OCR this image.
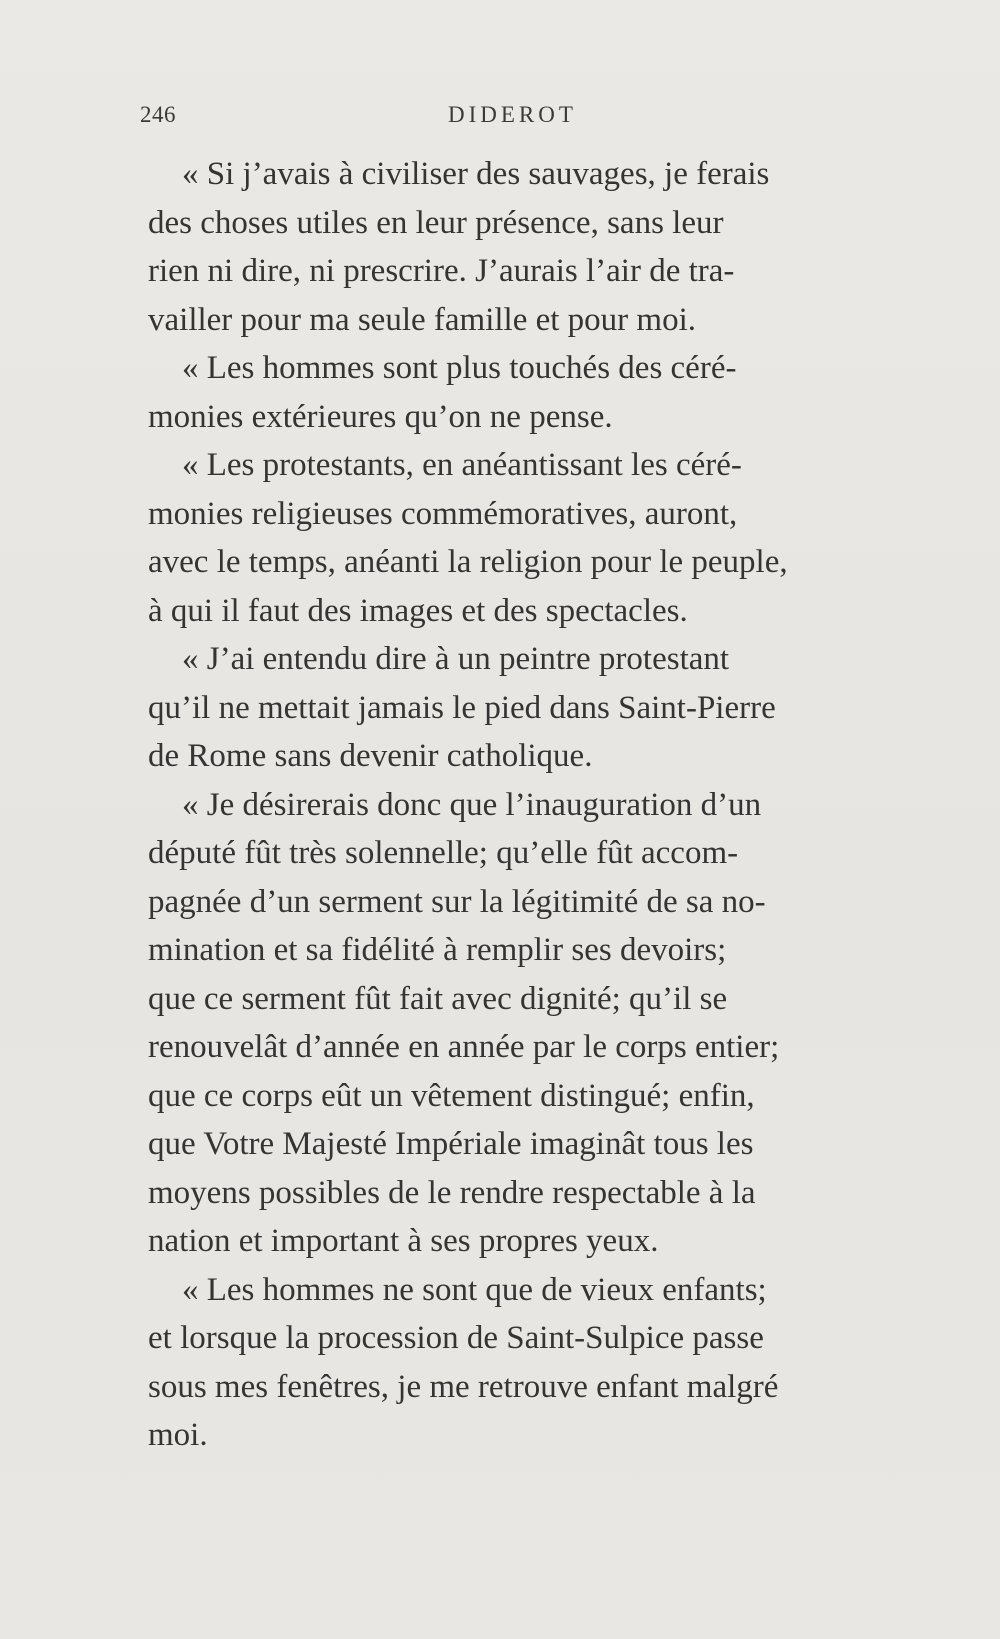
246	DIDEROT

« Si j’avais à civiliser des sauvages, je ferais
des choses utiles en leur présence, sans leur
rien ni dire, ni prescrire. J’aurais l’air de tra-
vailler pour ma seule famille et pour moi.

« Les hommes sont plus touchés des céré-
monies extérieures qu’on ne pense.

« Les protestants, en anéantissant les céré-
monies religieuses commémoratives, auront,
avec le temps, anéanti la religion pour le peuple,
à qui il faut des images et des spectacles.

« J’ai entendu dire à un peintre protestant
qu’il ne mettait jamais le pied dans Saint-Pierre
de Rome sans devenir catholique.

« Je désirerais donc que l’inauguration d’un
député fût très solennelle; qu’elle fût accom-
pagnée d’un serment sur la légitimité de sa no-
mination et sa fidélité à remplir ses devoirs;
que ce serment fût fait avec dignité; qu’il se
renouvelât d’année en année par le corps entier;
que ce corps eût un vêtement distingué; enfin,
que Votre Majesté Impériale imaginât tous les
moyens possibles de le rendre respectable à la
nation et important à ses propres yeux.

« Les hommes ne sont que de vieux enfants;
et lorsque la procession de Saint-Sulpice passe
sous mes fenêtres, je me retrouve enfant malgré
moi.
